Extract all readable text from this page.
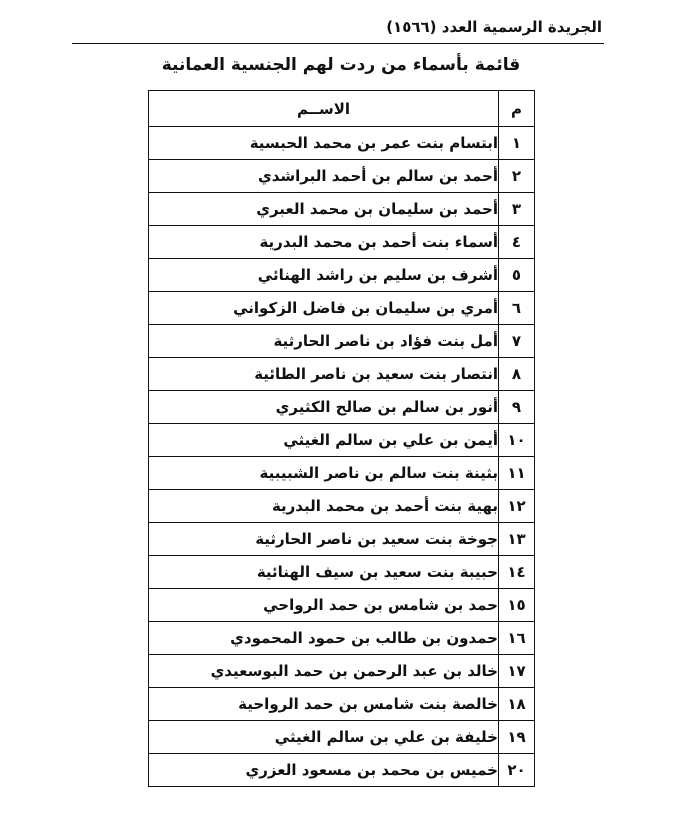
الجريدة الرسمية العدد (١٥٦٦)
قائمة بأسماء من ردت لهم الجنسية العمانية
الاســم	م
ابتسام بنت عمر بن محمد الحبسية	١
أحمد بن سالم بن أحمد البراشدي	٢
أحمد بن سليمان بن محمد العبري	٣
أسماء بنت أحمد بن محمد البدرية	٤
أشرف بن سليم بن راشد الهنائي	٥
أمري بن سليمان بن فاضل الزكواني	٦
أمل بنت فؤاد بن ناصر الحارثية	٧
انتصار بنت سعيد بن ناصر الطائية	٨
أنور بن سالم بن صالح الكثيري	٩
أيمن بن علي بن سالم الغيثي	١٠
بثينة بنت سالم بن ناصر الشبيبية	١١
بهية بنت أحمد بن محمد البدرية	١٢
جوخة بنت سعيد بن ناصر الحارثية	١٣
حبيبة بنت سعيد بن سيف الهنائية	١٤
حمد بن شامس بن حمد الرواحي	١٥
حمدون بن طالب بن حمود المحمودي	١٦
خالد بن عبد الرحمن بن حمد البوسعيدي	١٧
خالصة بنت شامس بن حمد الرواحية	١٨
خليفة بن علي بن سالم الغيثي	١٩
خميس بن محمد بن مسعود العزري	٢٠
